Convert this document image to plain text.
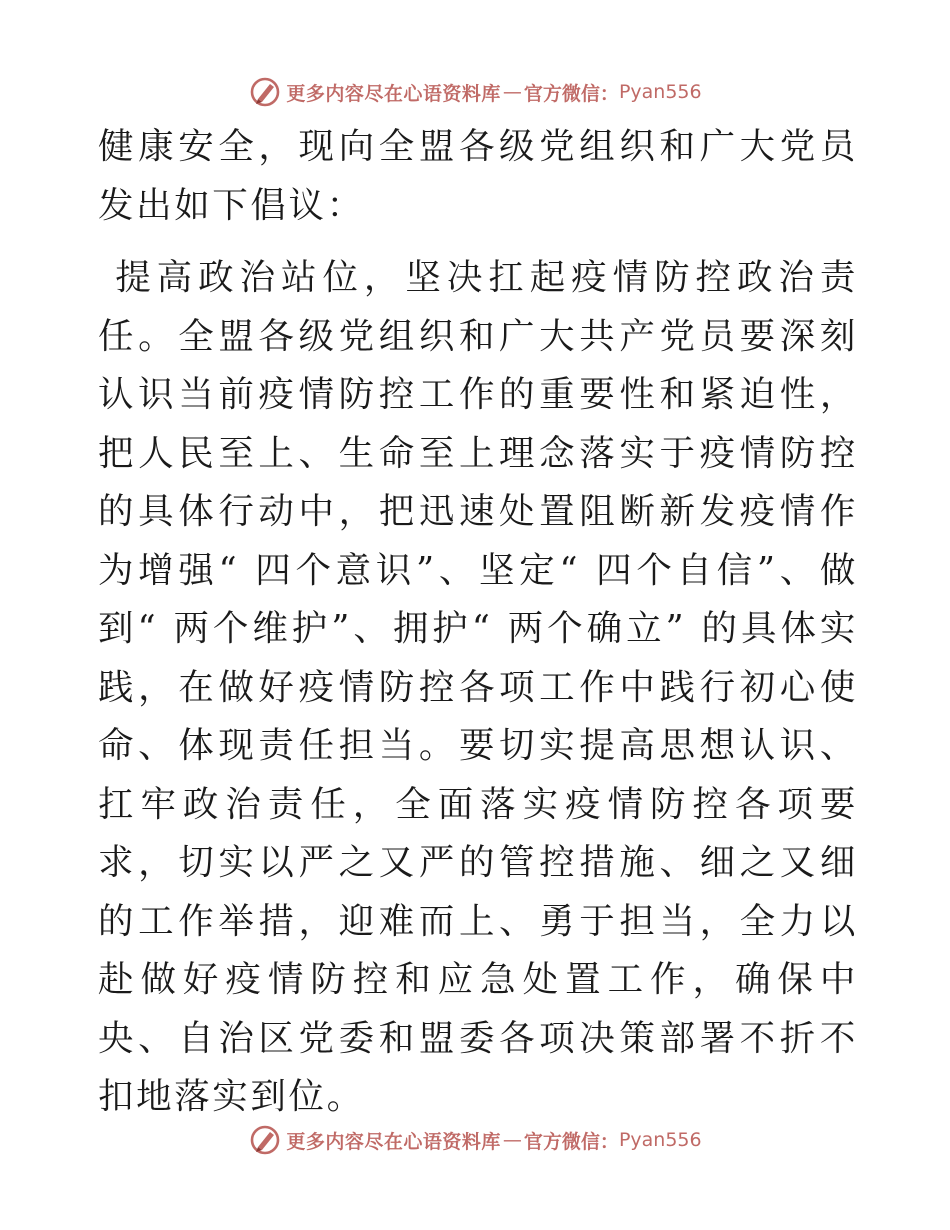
更多内容尽在心语资料库 — 官方微信： Pyan556

健康安全，现向全盟各级党组织和广大党员发出如下倡议：

提高政治站位，坚决扛起疫情防控政治责任。全盟各级党组织和广大共产党员要深刻认识当前疫情防控工作的重要性和紧迫性，把人民至上、生命至上理念落实于疫情防控的具体行动中，把迅速处置阻断新发疫情作为增强“ 四个意识”、坚定“ 四个自信”、做到“ 两个维护”、拥护“ 两个确立” 的具体实践，在做好疫情防控各项工作中践行初心使命、体现责任担当。要切实提高思想认识、扛牢政治责任，全面落实疫情防控各项要求，切实以严之又严的管控措施、细之又细的工作举措，迎难而上、勇于担当，全力以赴做好疫情防控和应急处置工作，确保中央、自治区党委和盟委各项决策部署不折不扣地落实到位。

更多内容尽在心语资料库 — 官方微信： Pyan556
